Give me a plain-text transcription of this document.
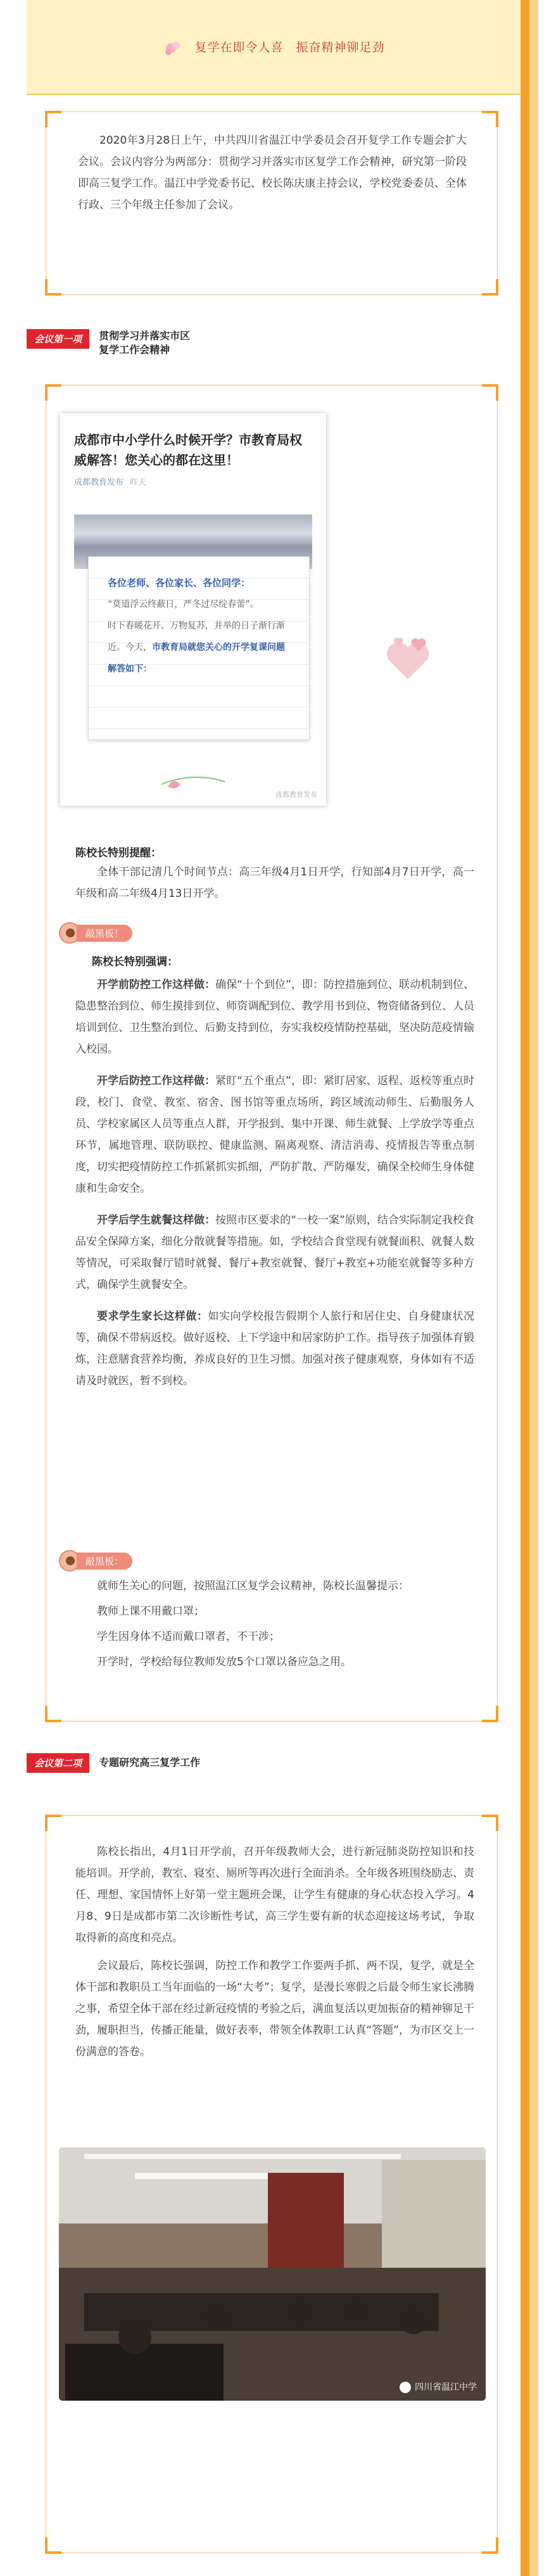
复学在即令人喜　振奋精神铆足劲

2020年3月28日上午，中共四川省温江中学委员会召开复学工作专题会扩大会议。会议内容分为两部分：贯彻学习并落实市区复学工作会精神，研究第一阶段即高三复学工作。温江中学党委书记、校长陈庆康主持会议，学校党委委员、全体行政、三个年级主任参加了会议。

会议第一项 贯彻学习并落实市区
复学工作会精神
成都市中小学什么时候开学？市教育局权威解答！您关心的都在这里！
成都教育发布 昨天
各位老师、各位家长、各位同学：
“莫道浮云终蔽日，严冬过尽绽春蕾”。
时下春暖花开、万物复苏，并举的日子渐行渐近。今天，市教育局就您关心的开学复课问题解答如下：
成都教育发布
陈校长特别提醒：

全体干部记清几个时间节点：高三年级4月1日开学，行知部4月7日开学，高一年级和高二年级4月13日开学。

敲黑板！
陈校长特别强调：

开学前防控工作这样做：确保“十个到位”，即：防控措施到位、联动机制到位、隐患整治到位、师生摸排到位、师资调配到位、教学用书到位、物资储备到位、人员培训到位、卫生整治到位、后勤支持到位，夯实我校疫情防控基础，坚决防范疫情输入校园。

开学后防控工作这样做：紧盯“五个重点”，即：紧盯居家、返程、返校等重点时段，校门、食堂、教室、宿舍、图书馆等重点场所，跨区域流动师生、后勤服务人员、学校家属区人员等重点人群，开学报到、集中开课、师生就餐、上学放学等重点环节，属地管理、联防联控、健康监测、隔离观察、清洁消毒、疫情报告等重点制度，切实把疫情防控工作抓紧抓实抓细，严防扩散、严防爆发，确保全校师生身体健康和生命安全。

开学后学生就餐这样做：按照市区要求的“一校一案”原则，结合实际制定我校食品安全保障方案，细化分散就餐等措施。如，学校结合食堂现有就餐面积、就餐人数等情况，可采取餐厅错时就餐、餐厅+教室就餐、餐厅+教室+功能室就餐等多种方式，确保学生就餐安全。

要求学生家长这样做：如实向学校报告假期个人旅行和居住史、自身健康状况等，确保不带病返校。做好返校、上下学途中和居家防护工作。指导孩子加强体育锻炼，注意膳食营养均衡，养成良好的卫生习惯。加强对孩子健康观察，身体如有不适请及时就医，暂不到校。

敲黑板：

就师生关心的问题，按照温江区复学会议精神，陈校长温馨提示：

教师上课不用戴口罩；

学生因身体不适而戴口罩者，不干涉；

开学时，学校给每位教师发放5个口罩以备应急之用。

会议第二项 专题研究高三复学工作

陈校长指出，4月1日开学前，召开年级教师大会，进行新冠肺炎防控知识和技能培训。开学前，教室、寝室、厕所等再次进行全面消杀。全年级各班围绕励志、责任、理想、家国情怀上好第一堂主题班会课，让学生有健康的身心状态投入学习。4月8、9日是成都市第二次诊断性考试，高三学生要有新的状态迎接这场考试，争取取得新的高度和亮点。

会议最后，陈校长强调，防控工作和教学工作要两手抓、两不误，复学，就是全体干部和教职员工当年面临的一场“大考”；复学，是漫长寒假之后最令师生家长沸腾之事，希望全体干部在经过新冠疫情的考验之后，满血复活以更加振奋的精神铆足干劲，履职担当，传播正能量，做好表率，带领全体教职工认真“答题”，为市区交上一份满意的答卷。

四川省温江中学
